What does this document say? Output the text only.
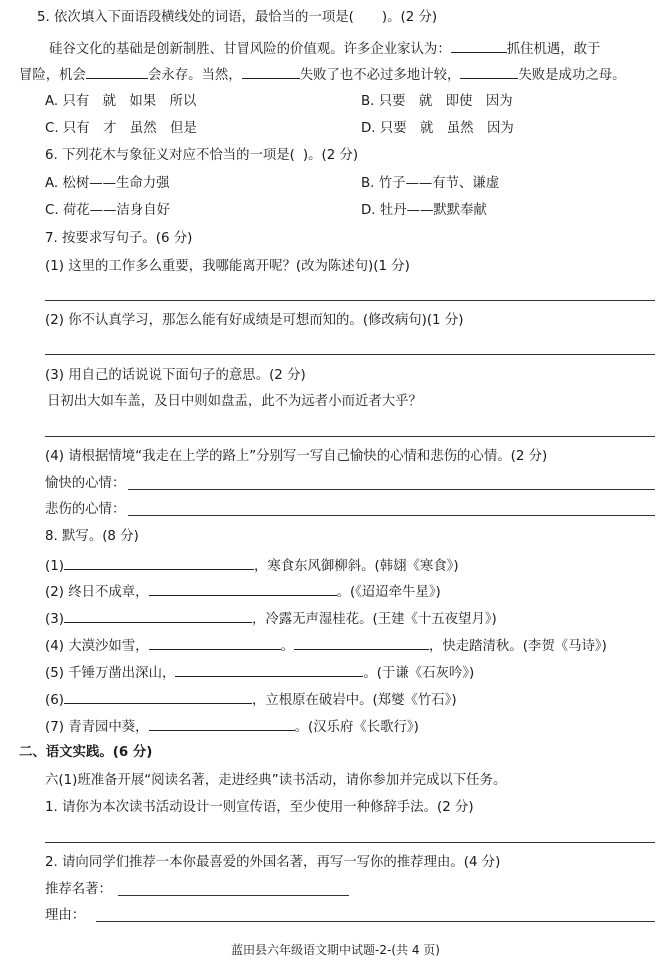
5. 依次填入下面语段横线处的词语，最恰当的一项是( )。(2 分)
硅谷文化的基础是创新制胜、甘冒风险的价值观。许多企业家认为：	抓住机遇，敢于
冒险，机会	会永存。当然，	失败了也不必过多地计较，	失败是成功之母。
A. 只有　就　如果　所以	B. 只要　就　即使　因为
C. 只有　才　虽然　但是	D. 只要　就　虽然　因为
6. 下列花木与象征义对应不恰当的一项是( )。(2 分)
A. 松树——生命力强	B. 竹子——有节、谦虚
C. 荷花——洁身自好	D. 牡丹——默默奉献
7. 按要求写句子。(6 分)
(1) 这里的工作多么重要，我哪能离开呢？(改为陈述句)(1 分)
(2) 你不认真学习，那怎么能有好成绩是可想而知的。(修改病句)(1 分)
(3) 用自己的话说说下面句子的意思。(2 分)
日初出大如车盖，及日中则如盘盂，此不为远者小而近者大乎？
(4) 请根据情境“我走在上学的路上”分别写一写自己愉快的心情和悲伤的心情。(2 分)
愉快的心情：
悲伤的心情：
8. 默写。(8 分)
(1)	，寒食东风御柳斜。(韩翃《寒食》)
(2) 终日不成章，	。(《迢迢牵牛星》)
(3)	，冷露无声湿桂花。(王建《十五夜望月》)
(4) 大漠沙如雪，	。	，快走踏清秋。(李贺《马诗》)
(5) 千锤万凿出深山，	。(于谦《石灰吟》)
(6)	，立根原在破岩中。(郑燮《竹石》)
(7) 青青园中葵，	。(汉乐府《长歌行》)
二、语文实践。(6 分)
六(1)班准备开展“阅读名著，走进经典”读书活动，请你参加并完成以下任务。
1. 请你为本次读书活动设计一则宣传语，至少使用一种修辞手法。(2 分)
2. 请向同学们推荐一本你最喜爱的外国名著，再写一写你的推荐理由。(4 分)
推荐名著：
理由：
蓝田县六年级语文期中试题-2-(共 4 页)
